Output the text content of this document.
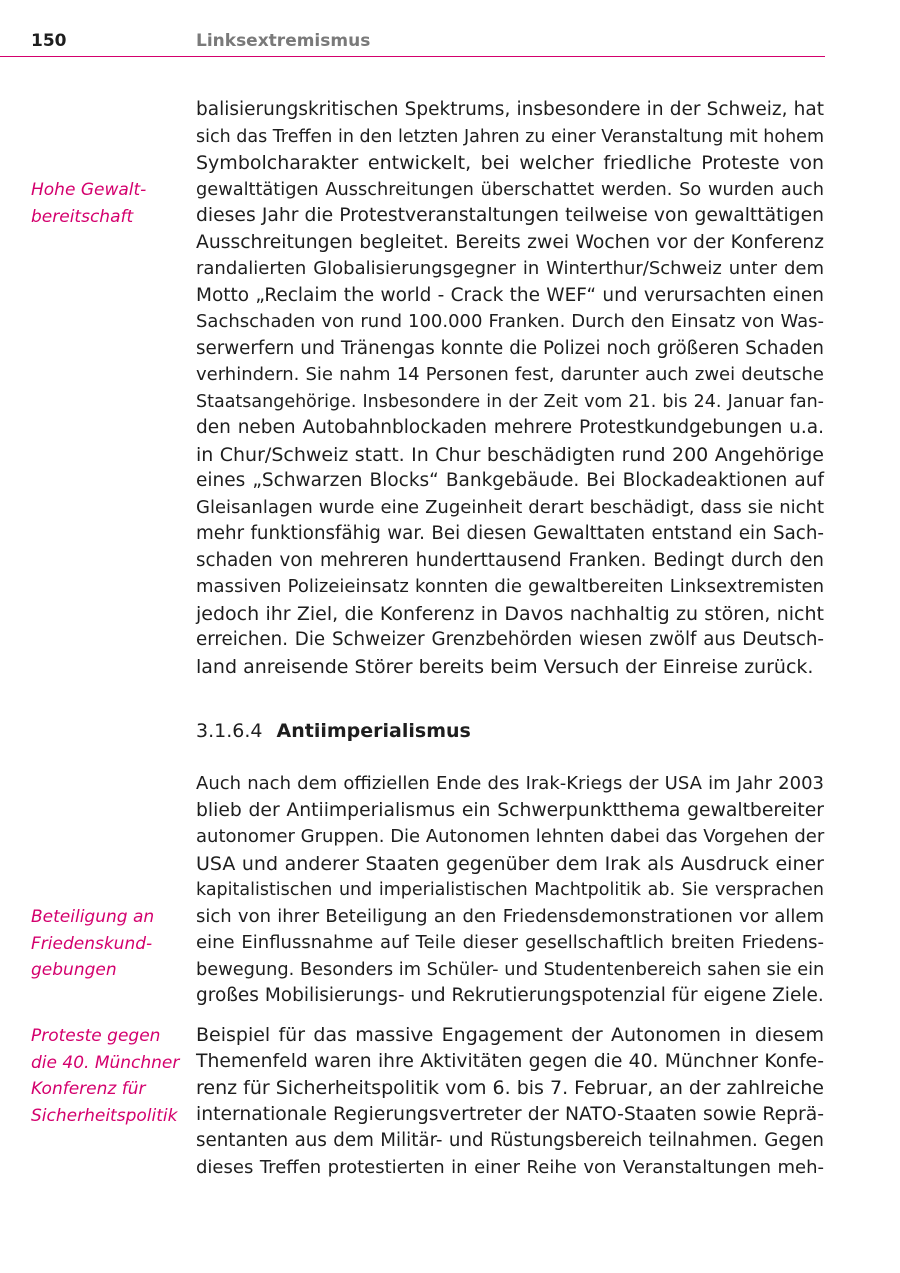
150	Linksextremismus
Hohe Gewalt-
bereitschaft
Beteiligung an
Friedenskund-
gebungen
Proteste gegen
die 40. Münchner
Konferenz für
Sicherheitspolitik
balisierungskritischen Spektrums, insbesondere in der Schweiz, hat
sich das Treffen in den letzten Jahren zu einer Veranstaltung mit hohem
Symbolcharakter entwickelt, bei welcher friedliche Proteste von
gewalttätigen Ausschreitungen überschattet werden. So wurden auch
dieses Jahr die Protestveranstaltungen teilweise von gewalttätigen
Ausschreitungen begleitet. Bereits zwei Wochen vor der Konferenz
randalierten Globalisierungsgegner in Winterthur/Schweiz unter dem
Motto „Reclaim the world - Crack the WEF“ und verursachten einen
Sachschaden von rund 100.000 Franken. Durch den Einsatz von Was-
serwerfern und Tränengas konnte die Polizei noch größeren Schaden
verhindern. Sie nahm 14 Personen fest, darunter auch zwei deutsche
Staatsangehörige. Insbesondere in der Zeit vom 21. bis 24. Januar fan-
den neben Autobahnblockaden mehrere Protestkundgebungen u.a.
in Chur/Schweiz statt. In Chur beschädigten rund 200 Angehörige
eines „Schwarzen Blocks“ Bankgebäude. Bei Blockadeaktionen auf
Gleisanlagen wurde eine Zugeinheit derart beschädigt, dass sie nicht
mehr funktionsfähig war. Bei diesen Gewalttaten entstand ein Sach-
schaden von mehreren hunderttausend Franken. Bedingt durch den
massiven Polizeieinsatz konnten die gewaltbereiten Linksextremisten
jedoch ihr Ziel, die Konferenz in Davos nachhaltig zu stören, nicht
erreichen. Die Schweizer Grenzbehörden wiesen zwölf aus Deutsch-
land anreisende Störer bereits beim Versuch der Einreise zurück.
3.1.6.4 Antiimperialismus
Auch nach dem offiziellen Ende des Irak-Kriegs der USA im Jahr 2003
blieb der Antiimperialismus ein Schwerpunktthema gewaltbereiter
autonomer Gruppen. Die Autonomen lehnten dabei das Vorgehen der
USA und anderer Staaten gegenüber dem Irak als Ausdruck einer
kapitalistischen und imperialistischen Machtpolitik ab. Sie versprachen
sich von ihrer Beteiligung an den Friedensdemonstrationen vor allem
eine Einflussnahme auf Teile dieser gesellschaftlich breiten Friedens-
bewegung. Besonders im Schüler- und Studentenbereich sahen sie ein
großes Mobilisierungs- und Rekrutierungspotenzial für eigene Ziele.
Beispiel für das massive Engagement der Autonomen in diesem
Themenfeld waren ihre Aktivitäten gegen die 40. Münchner Konfe-
renz für Sicherheitspolitik vom 6. bis 7. Februar, an der zahlreiche
internationale Regierungsvertreter der NATO-Staaten sowie Reprä-
sentanten aus dem Militär- und Rüstungsbereich teilnahmen. Gegen
dieses Treffen protestierten in einer Reihe von Veranstaltungen meh-
